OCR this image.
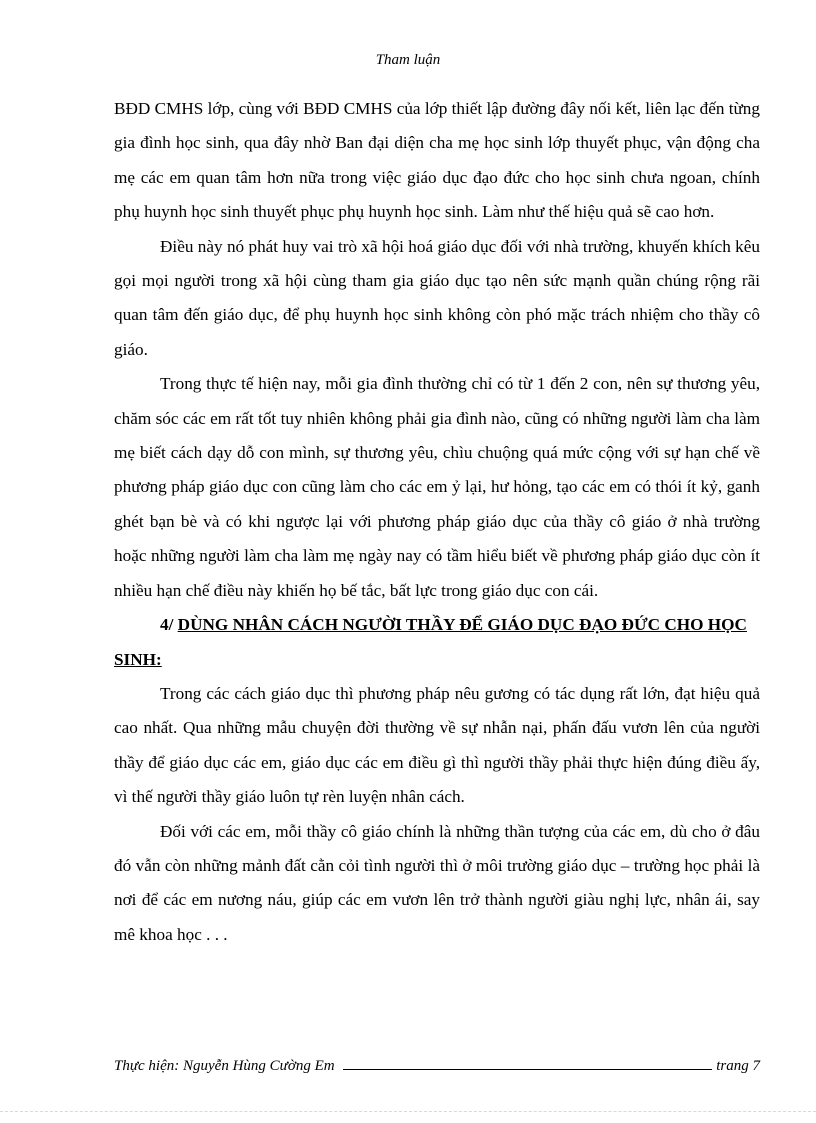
Tham luận

BĐD CMHS lớp, cùng với BĐD CMHS của lớp thiết lập đường đây nối kết, liên lạc đến từng gia đình học sinh, qua đây nhờ Ban đại diện cha mẹ học sinh lớp thuyết phục, vận động cha mẹ các em quan tâm hơn nữa trong việc giáo dục đạo đức cho học sinh chưa ngoan, chính phụ huynh học sinh thuyết phục phụ huynh học sinh. Làm như thế hiệu quả sẽ cao hơn.

Điều này nó phát huy vai trò xã hội hoá giáo dục đối với nhà trường, khuyến khích kêu gọi mọi người trong xã hội cùng tham gia giáo dục tạo nên sức mạnh quần chúng rộng rãi quan tâm đến giáo dục, để phụ huynh học sinh không còn phó mặc trách nhiệm cho thầy cô giáo.

Trong thực tế hiện nay, mỗi gia đình thường chỉ có từ 1 đến 2 con, nên sự thương yêu, chăm sóc các em rất tốt tuy nhiên không phải gia đình nào, cũng có những người làm cha làm mẹ biết cách dạy dỗ con mình, sự thương yêu, chìu chuộng quá mức cộng với sự hạn chế về phương pháp giáo dục con cũng làm cho các em ỷ lại, hư hỏng, tạo các em có thói ít kỷ, ganh ghét bạn bè và có khi ngược lại với phương pháp giáo dục của thầy cô giáo ở nhà trường hoặc những người làm cha làm mẹ ngày nay có tầm hiểu biết về phương pháp giáo dục còn ít nhiều hạn chế điều này khiến họ bế tắc, bất lực trong giáo dục con cái.

4/ DÙNG NHÂN CÁCH NGƯỜI THẦY ĐỂ GIÁO DỤC ĐẠO ĐỨC CHO HỌC SINH:

Trong các cách giáo dục thì phương pháp nêu gương có tác dụng rất lớn, đạt hiệu quả cao nhất. Qua những mẫu chuyện đời thường về sự nhẫn nại, phấn đấu vươn lên của người thầy để giáo dục các em, giáo dục các em điều gì thì người thầy phải thực hiện đúng điều ấy, vì thế người thầy giáo luôn tự rèn luyện nhân cách.

Đối với các em, mỗi thầy cô giáo chính là những thần tượng của các em, dù cho ở đâu đó vẫn còn những mảnh đất cằn cỏi tình người thì ở môi trường giáo dục – trường học phải là nơi để các em nương náu, giúp các em vươn lên trở thành người giàu nghị lực, nhân ái, say mê khoa học . . .

Thực hiện: Nguyễn Hùng Cường Em	trang 7
